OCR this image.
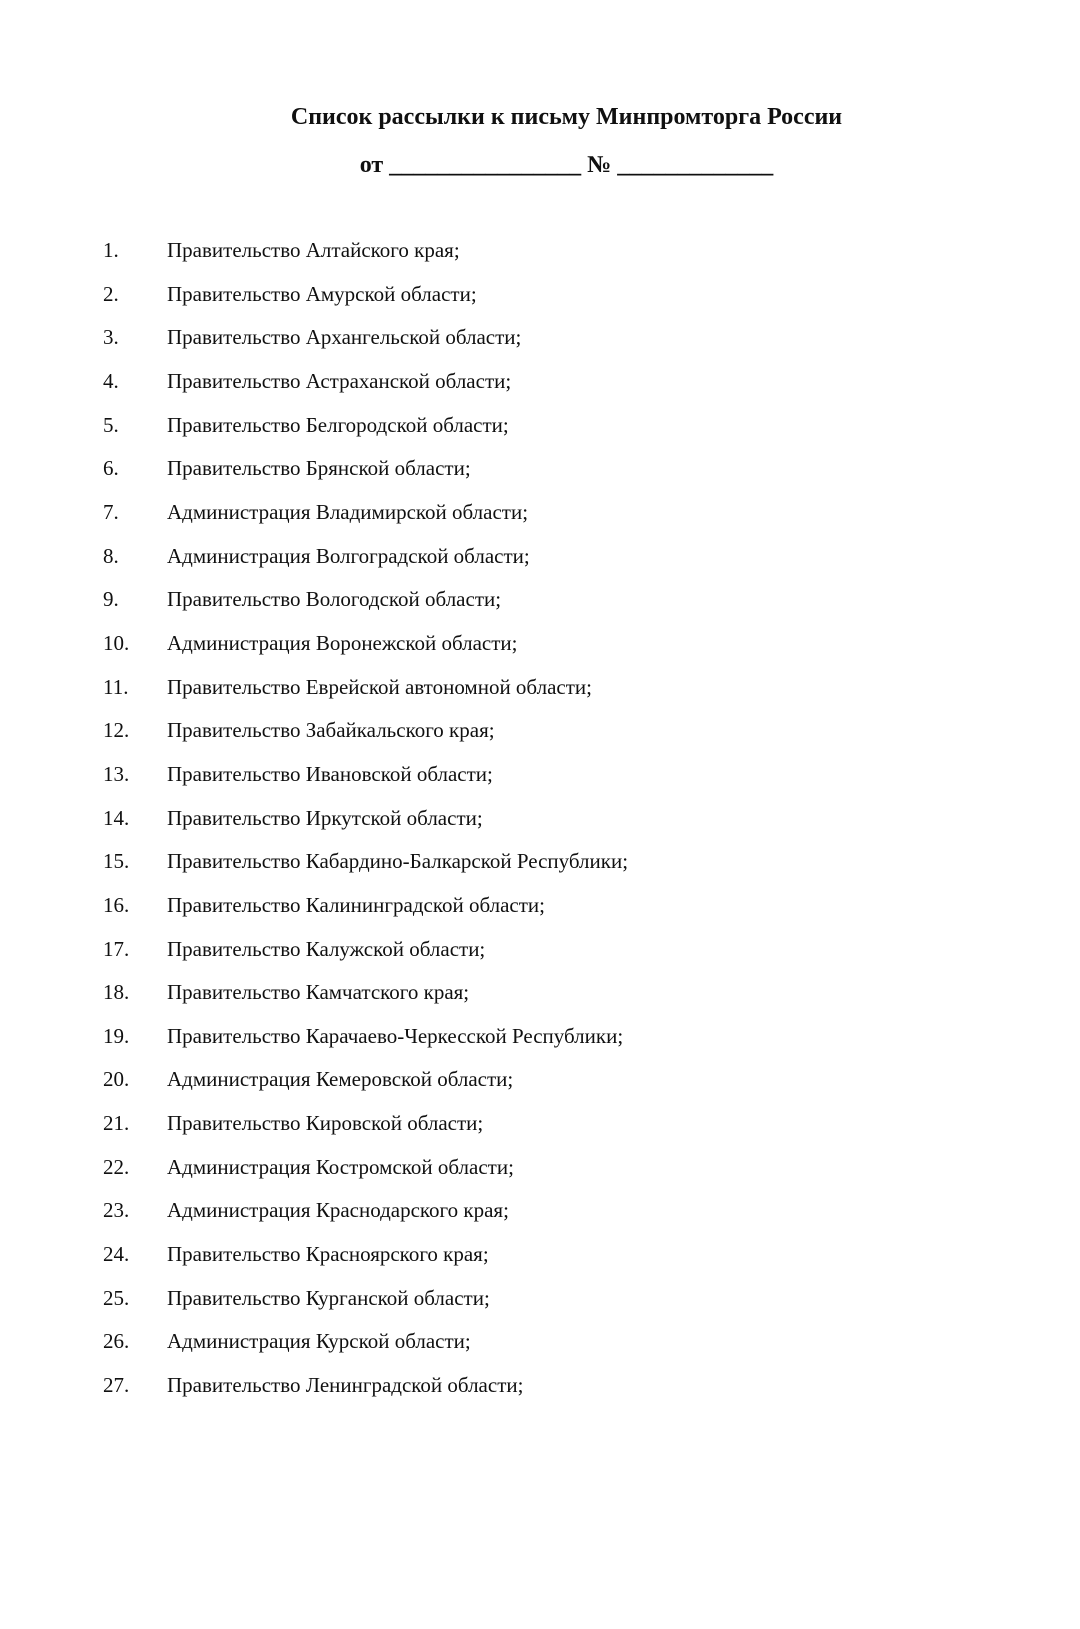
Список рассылки к письму Минпромторга России
от ________________ № _____________
1.	Правительство Алтайского края;
2.	Правительство Амурской области;
3.	Правительство Архангельской области;
4.	Правительство Астраханской области;
5.	Правительство Белгородской области;
6.	Правительство Брянской области;
7.	Администрация Владимирской области;
8.	Администрация Волгоградской области;
9.	Правительство Вологодской области;
10.	Администрация Воронежской области;
11.	Правительство Еврейской автономной области;
12.	Правительство Забайкальского края;
13.	Правительство Ивановской области;
14.	Правительство Иркутской области;
15.	Правительство Кабардино-Балкарской Республики;
16.	Правительство Калининградской области;
17.	Правительство Калужской области;
18.	Правительство Камчатского края;
19.	Правительство Карачаево-Черкесской Республики;
20.	Администрация Кемеровской области;
21.	Правительство Кировской области;
22.	Администрация Костромской области;
23.	Администрация Краснодарского края;
24.	Правительство Красноярского края;
25.	Правительство Курганской области;
26.	Администрация Курской области;
27.	Правительство Ленинградской области;
